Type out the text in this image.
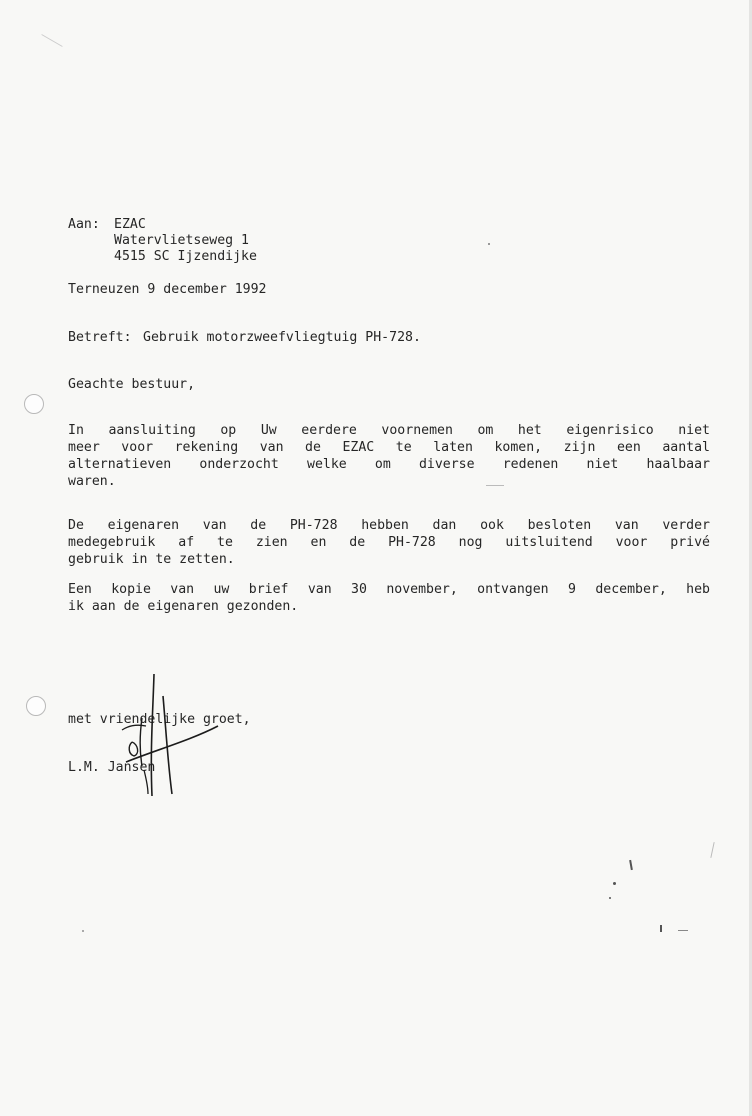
Aan: EZAC
Watervlietseweg 1
4515 SC Ijzendijke
Terneuzen 9 december 1992
Betreft: Gebruik motorzweefvliegtuig PH-728.
Geachte bestuur,
In aansluiting op Uw eerdere voornemen om het eigenrisico niet
meer voor rekening van de EZAC te laten komen, zijn een aantal
alternatieven onderzocht welke om diverse redenen niet haalbaar
waren.
De eigenaren van de PH-728 hebben dan ook besloten van verder
medegebruik af te zien en de PH-728 nog uitsluitend voor privé
gebruik in te zetten.
Een kopie van uw brief van 30 november, ontvangen 9 december, heb
ik aan de eigenaren gezonden.
met vriendelijke groet,
L.M. Jansen
